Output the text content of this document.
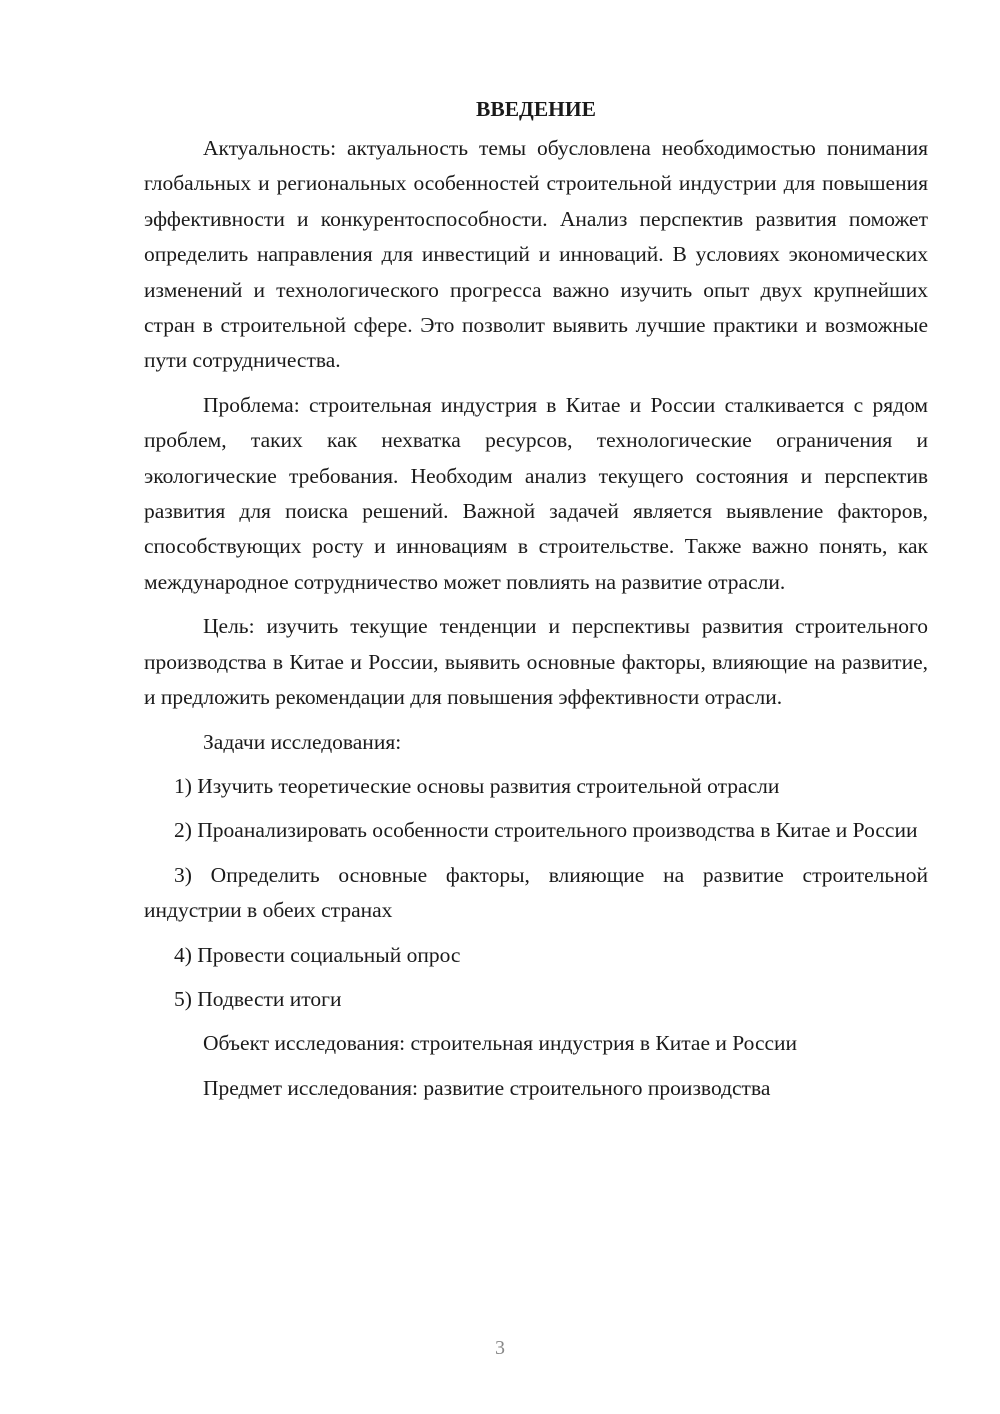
ВВЕДЕНИЕ

Актуальность: актуальность темы обусловлена необходимостью понимания глобальных и региональных особенностей строительной индустрии для повышения эффективности и конкурентоспособности. Анализ перспектив развития поможет определить направления для инвестиций и инноваций. В условиях экономических изменений и технологического прогресса важно изучить опыт двух крупнейших стран в строительной сфере. Это позволит выявить лучшие практики и возможные пути сотрудничества.

Проблема: строительная индустрия в Китае и России сталкивается с рядом проблем, таких как нехватка ресурсов, технологические ограничения и экологические требования. Необходим анализ текущего состояния и перспектив развития для поиска решений. Важной задачей является выявление факторов, способствующих росту и инновациям в строительстве. Также важно понять, как международное сотрудничество может повлиять на развитие отрасли.

Цель: изучить текущие тенденции и перспективы развития строительного производства в Китае и России, выявить основные факторы, влияющие на развитие, и предложить рекомендации для повышения эффективности отрасли.

Задачи исследования:

1) Изучить теоретические основы развития строительной отрасли

2) Проанализировать особенности строительного производства в Китае и России

3) Определить основные факторы, влияющие на развитие строительной индустрии в обеих странах

4) Провести социальный опрос

5) Подвести итоги

Объект исследования: строительная индустрия в Китае и России

Предмет исследования: развитие строительного производства

3
